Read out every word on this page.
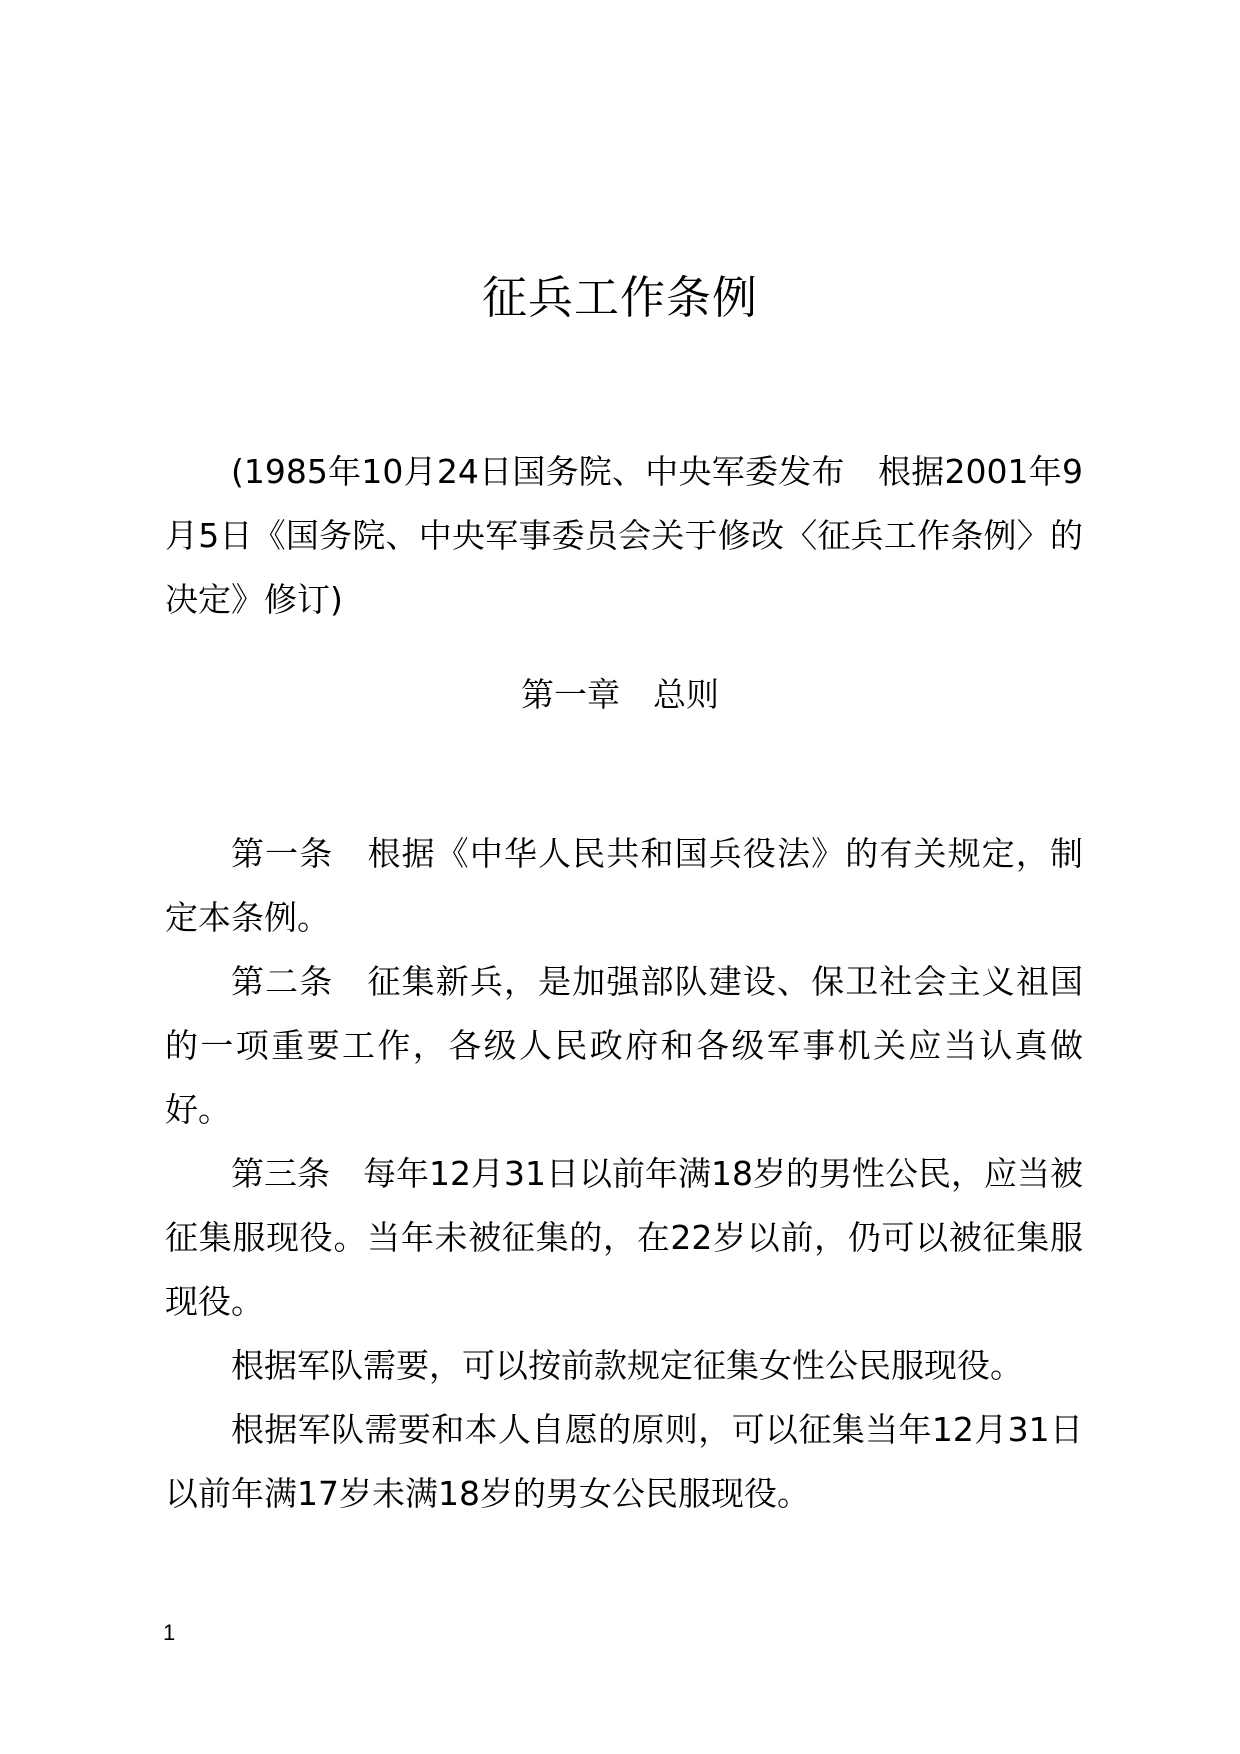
征兵工作条例

(1985年10月24日国务院、中央军委发布　根据2001年9月5日《国务院、中央军事委员会关于修改〈征兵工作条例〉的决定》修订)

第一章　总则

第一条　根据《中华人民共和国兵役法》的有关规定，制定本条例。

第二条　征集新兵，是加强部队建设、保卫社会主义祖国的一项重要工作，各级人民政府和各级军事机关应当认真做好。

第三条　每年12月31日以前年满18岁的男性公民，应当被征集服现役。当年未被征集的，在22岁以前，仍可以被征集服现役。

根据军队需要，可以按前款规定征集女性公民服现役。

根据军队需要和本人自愿的原则，可以征集当年12月31日以前年满17岁未满18岁的男女公民服现役。

1
